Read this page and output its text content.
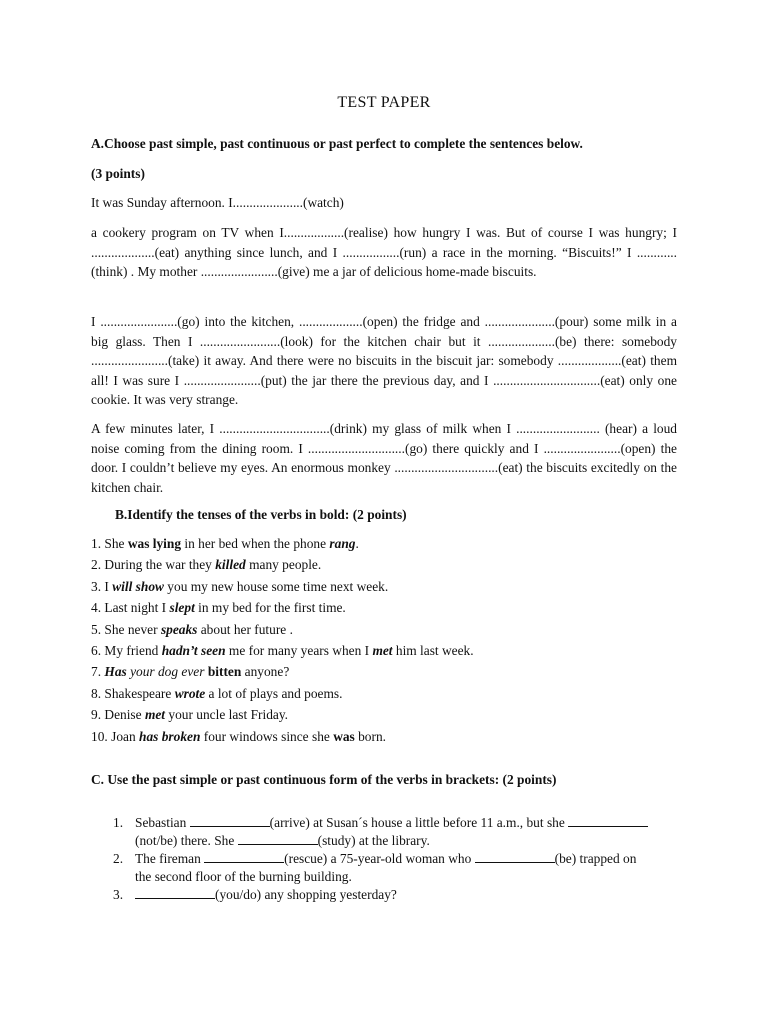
TEST PAPER
A.Choose past simple, past continuous or past perfect to complete the sentences below.
(3 points)
It was Sunday afternoon. I.....................(watch)
a cookery program on TV when I..................(realise) how hungry I was. But of course I was hungry; I ...................(eat) anything since lunch, and I .................(run) a race in the morning. “Biscuits!” I ............(think) . My mother .......................(give) me a jar of delicious home-made biscuits.
I .......................(go) into the kitchen, ...................(open) the fridge and .....................(pour) some milk in a big glass. Then I ........................(look) for the kitchen chair but it ....................(be) there: somebody .......................(take) it away. And there were no biscuits in the biscuit jar: somebody ...................(eat) them all! I was sure I .......................(put) the jar there the previous day, and I ................................(eat) only one cookie. It was very strange.
A few minutes later, I .................................(drink) my glass of milk when I ......................... (hear) a loud noise coming from the dining room. I .............................(go) there quickly and I .......................(open) the door. I couldn’t believe my eyes. An enormous monkey ...............................(eat) the biscuits excitedly on the kitchen chair.
B.Identify the tenses of the verbs in bold: (2 points)
1. She was lying in her bed when the phone rang.
2. During the war they killed many people.
3. I will show you my new house some time next week.
4. Last night I slept in my bed for the first time.
5. She never speaks about her future .
6. My friend hadn’t seen me for many years when I met him last week.
7. Has your dog ever bitten anyone?
8. Shakespeare wrote a lot of plays and poems.
9. Denise met your uncle last Friday.
10. Joan has broken four windows since she was born.
C. Use the past simple or past continuous form of the verbs in brackets: (2 points)
1. Sebastian	(arrive) at Susan´s house a little before 11 a.m., but she (not/be) there. She	(study) at the library.
2. The fireman	(rescue) a 75-year-old woman who	(be) trapped on the second floor of the burning building.
3.	(you/do) any shopping yesterday?
